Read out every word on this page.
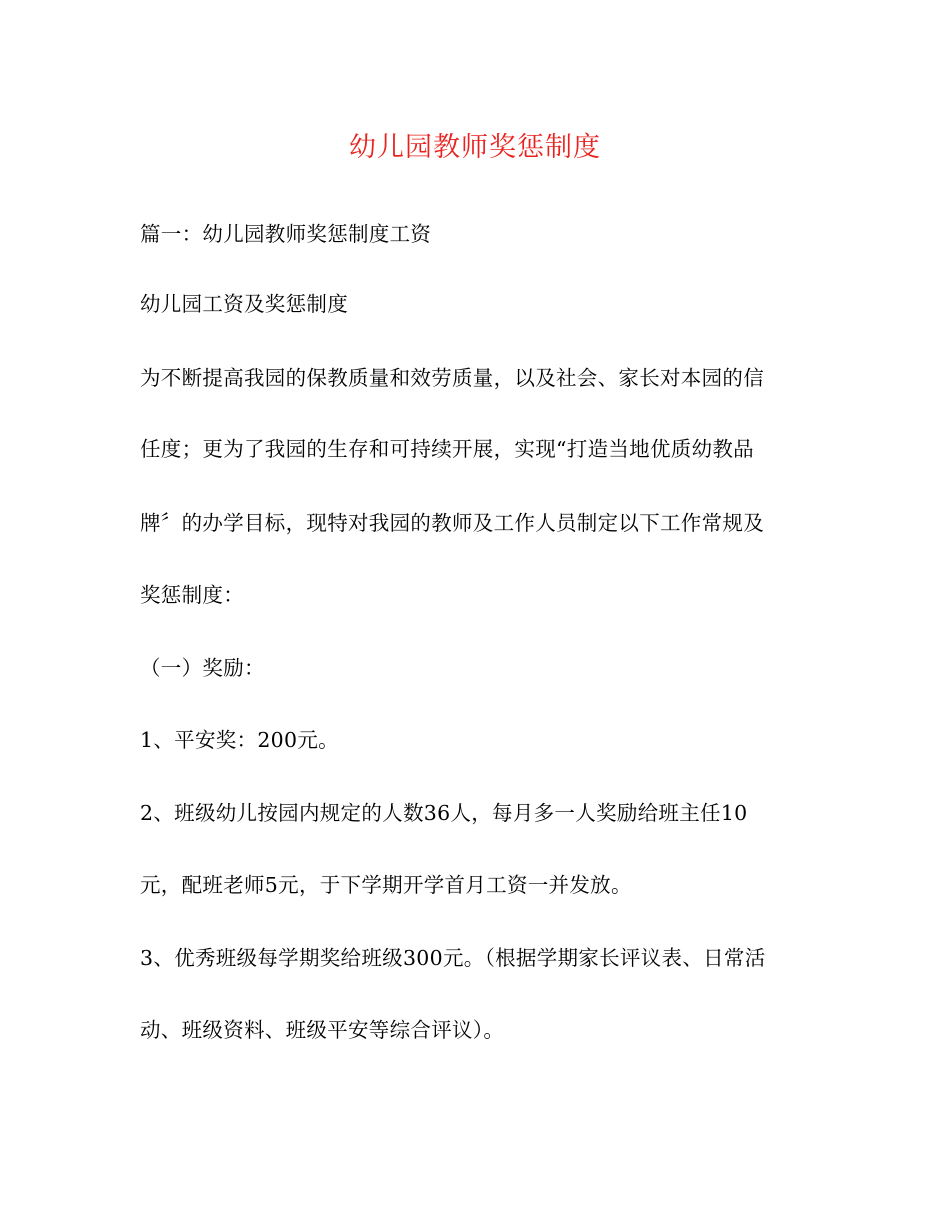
幼儿园教师奖惩制度
篇一：幼儿园教师奖惩制度工资
幼儿园工资及奖惩制度
为不断提高我园的保教质量和效劳质量，以及社会、家长对本园的信
任度；更为了我园的生存和可持续开展，实现“打造当地优质幼教品
牌〞的办学目标，现特对我园的教师及工作人员制定以下工作常规及
奖惩制度：
（一）奖励：
1、平安奖：200元。
2、班级幼儿按园内规定的人数36人，每月多一人奖励给班主任10
元，配班老师5元，于下学期开学首月工资一并发放。
3、优秀班级每学期奖给班级300元。（根据学期家长评议表、日常活
动、班级资料、班级平安等综合评议）。
